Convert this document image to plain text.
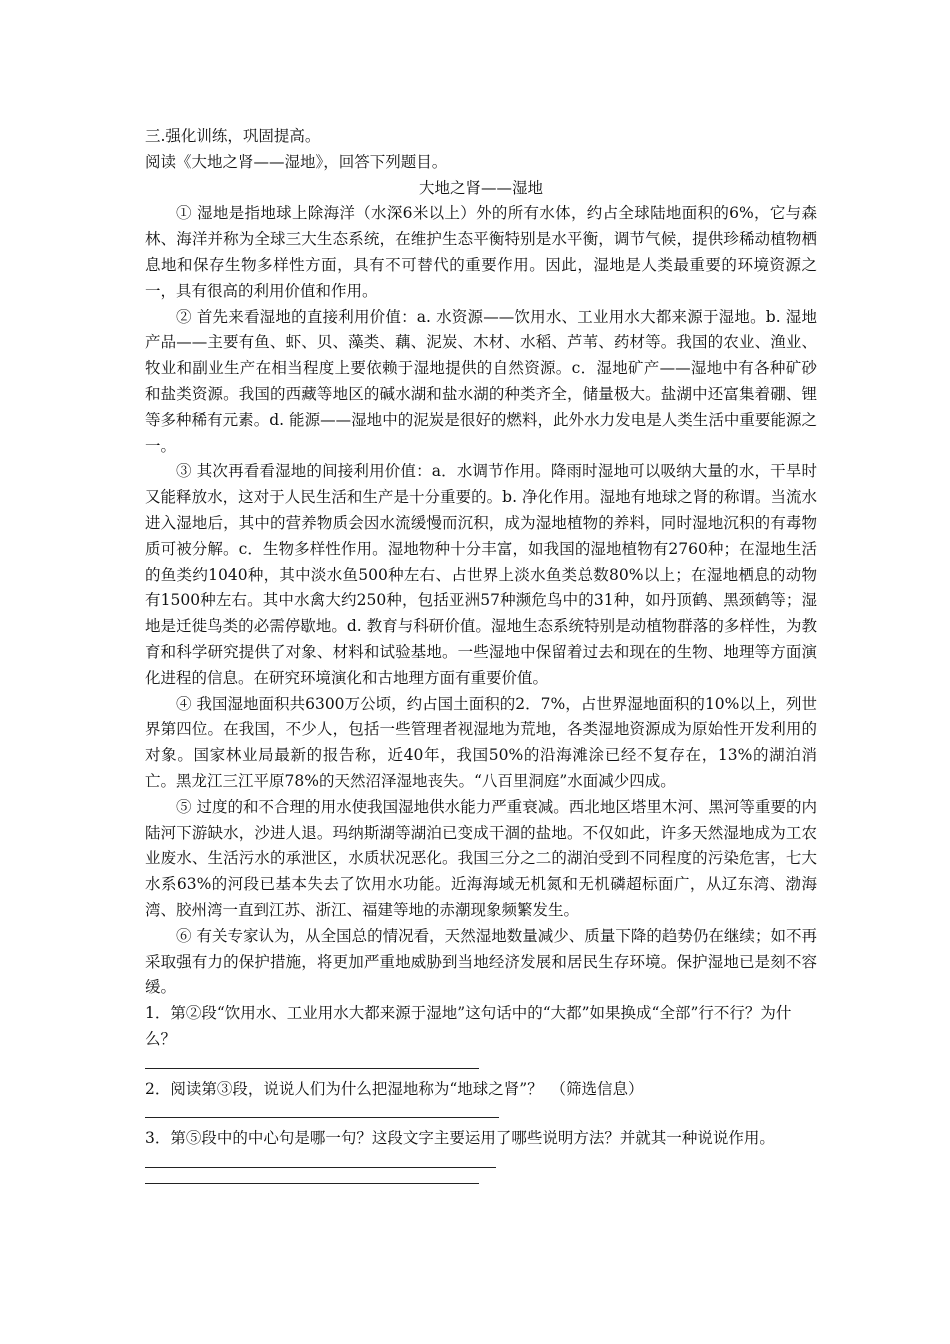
三.强化训练，巩固提高。

阅读《大地之肾——湿地》，回答下列题目。

大地之肾——湿地

① 湿地是指地球上除海洋（水深6米以上）外的所有水体，约占全球陆地面积的6%，它与森林、海洋并称为全球三大生态系统，在维护生态平衡特别是水平衡，调节气候，提供珍稀动植物栖息地和保存生物多样性方面，具有不可替代的重要作用。因此，湿地是人类最重要的环境资源之一，具有很高的利用价值和作用。

② 首先来看湿地的直接利用价值：a. 水资源——饮用水、工业用水大都来源于湿地。b. 湿地产品——主要有鱼、虾、贝、藻类、藕、泥炭、木材、水稻、芦苇、药材等。我国的农业、渔业、牧业和副业生产在相当程度上要依赖于湿地提供的自然资源。c．湿地矿产——湿地中有各种矿砂和盐类资源。我国的西藏等地区的碱水湖和盐水湖的种类齐全，储量极大。盐湖中还富集着硼、锂等多种稀有元素。d. 能源——湿地中的泥炭是很好的燃料，此外水力发电是人类生活中重要能源之一。

③ 其次再看看湿地的间接利用价值：a．水调节作用。降雨时湿地可以吸纳大量的水，干旱时又能释放水，这对于人民生活和生产是十分重要的。b. 净化作用。湿地有地球之肾的称谓。当流水进入湿地后，其中的营养物质会因水流缓慢而沉积，成为湿地植物的养料，同时湿地沉积的有毒物质可被分解。c．生物多样性作用。湿地物种十分丰富，如我国的湿地植物有2760种；在湿地生活的鱼类约1040种，其中淡水鱼500种左右、占世界上淡水鱼类总数80%以上；在湿地栖息的动物有1500种左右。其中水禽大约250种，包括亚洲57种濒危鸟中的31种，如丹顶鹤、黑颈鹤等；湿地是迁徙鸟类的必需停歇地。d. 教育与科研价值。湿地生态系统特别是动植物群落的多样性，为教育和科学研究提供了对象、材料和试验基地。一些湿地中保留着过去和现在的生物、地理等方面演化进程的信息。在研究环境演化和古地理方面有重要价值。

④ 我国湿地面积共6300万公顷，约占国土面积的2．7%，占世界湿地面积的10%以上，列世界第四位。在我国，不少人，包括一些管理者视湿地为荒地，各类湿地资源成为原始性开发利用的对象。国家林业局最新的报告称，近40年，我国50%的沿海滩涂已经不复存在，13%的湖泊消亡。黑龙江三江平原78%的天然沼泽湿地丧失。“八百里洞庭”水面减少四成。

⑤ 过度的和不合理的用水使我国湿地供水能力严重衰减。西北地区塔里木河、黑河等重要的内陆河下游缺水，沙进人退。玛纳斯湖等湖泊已变成干涸的盐地。不仅如此，许多天然湿地成为工农业废水、生活污水的承泄区，水质状况恶化。我国三分之二的湖泊受到不同程度的污染危害，七大水系63%的河段已基本失去了饮用水功能。近海海域无机氮和无机磷超标面广，从辽东湾、渤海湾、胶州湾一直到江苏、浙江、福建等地的赤潮现象频繁发生。

⑥ 有关专家认为，从全国总的情况看，天然湿地数量减少、质量下降的趋势仍在继续；如不再采取强有力的保护措施，将更加严重地威胁到当地经济发展和居民生存环境。保护湿地已是刻不容缓。

1．第②段“饮用水、工业用水大都来源于湿地”这句话中的“大都”如果换成“全部”行不行？为什么？

2．阅读第③段，说说人们为什么把湿地称为“地球之肾”？　（筛选信息）

3．第⑤段中的中心句是哪一句？这段文字主要运用了哪些说明方法？并就其一种说说作用。
